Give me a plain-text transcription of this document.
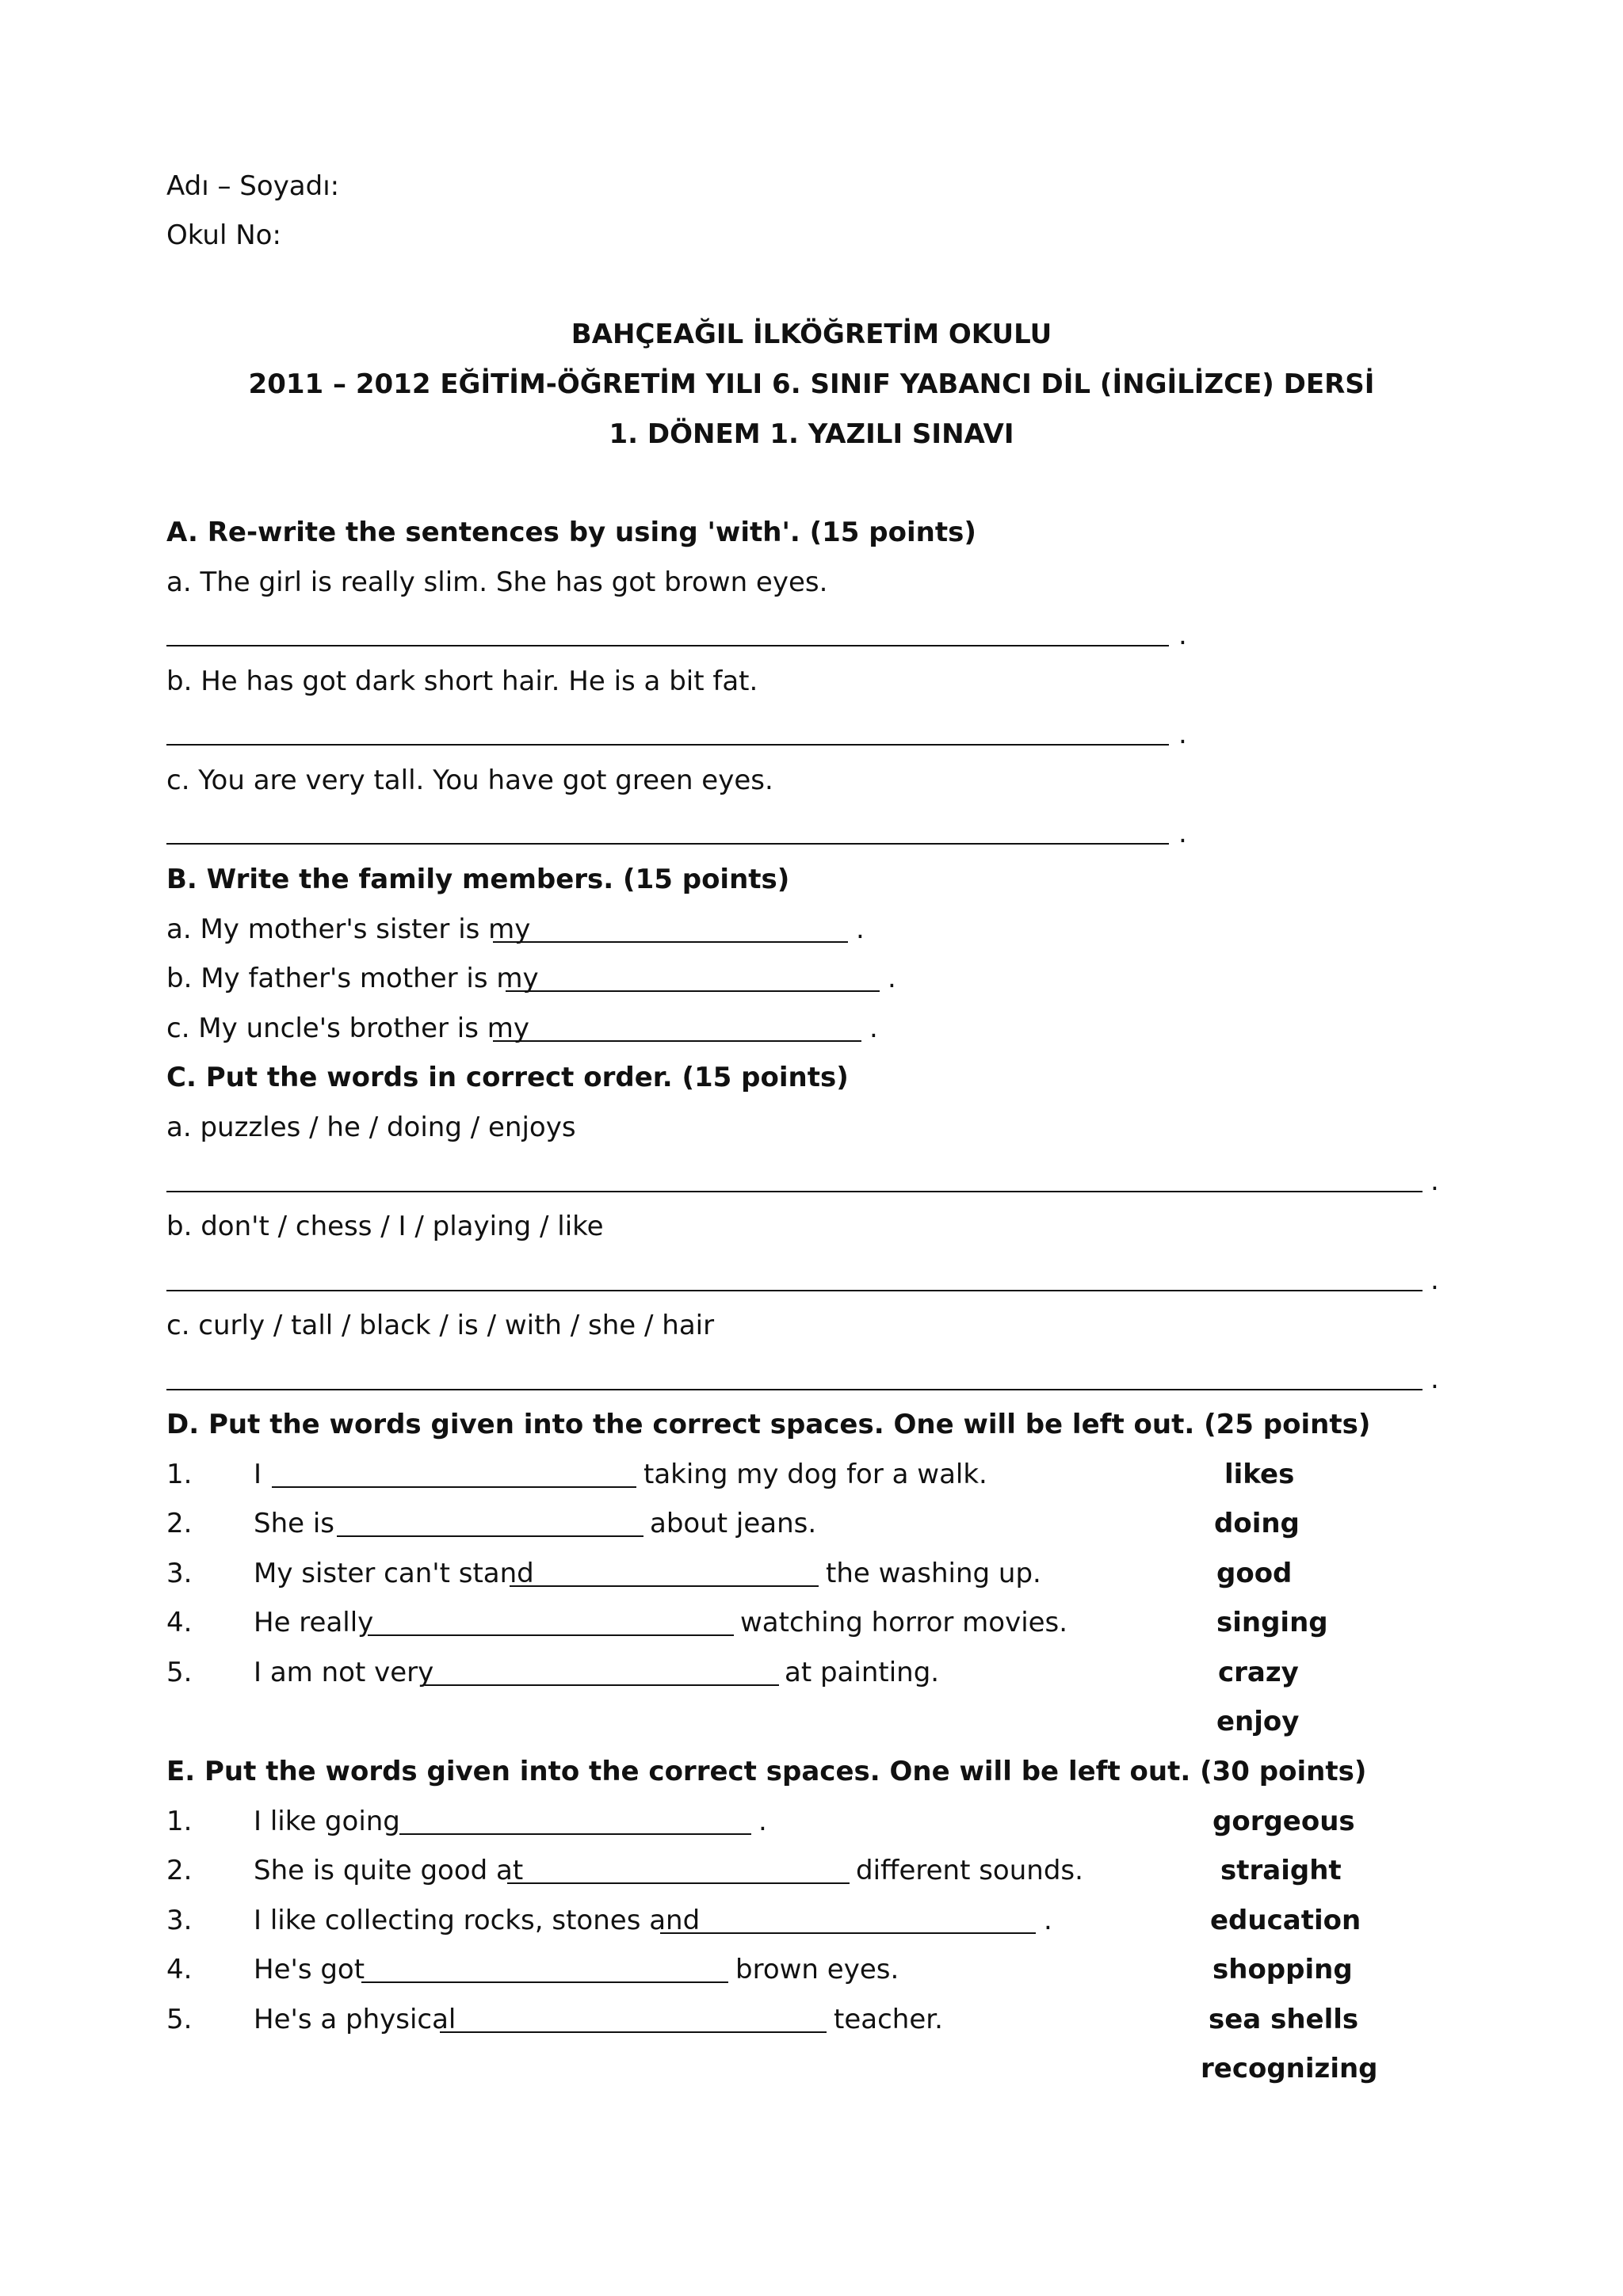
Adı – Soyadı:
Okul No:
BAHÇEAĞIL İLKÖĞRETİM OKULU
2011 – 2012 EĞİTİM-ÖĞRETİM YILI 6. SINIF YABANCI DİL (İNGİLİZCE) DERSİ
1. DÖNEM 1. YAZILI SINAVI
A. Re-write the sentences by using 'with'. (15 points)
a. The girl is really slim. She has got brown eyes.
.
b. He has got dark short hair. He is a bit fat.
.
c. You are very tall. You have got green eyes.
.
B. Write the family members. (15 points)
a. My mother's sister is my	.
b. My father's mother is my	.
c. My uncle's brother is my	.
C. Put the words in correct order. (15 points)
a. puzzles / he / doing / enjoys
.
b. don't / chess / I / playing / like
.
c. curly / tall / black / is / with / she / hair
.
D. Put the words given into the correct spaces. One will be left out. (25 points)
1. I	taking my dog for a walk.
2. She is	about jeans.
3. My sister can't stand	the washing up.
4. He really	watching horror movies.
5. I am not very	at painting.
likes
doing
good
singing
crazy
enjoy
E. Put the words given into the correct spaces. One will be left out. (30 points)
1. I like going	.
2. She is quite good at	different sounds.
3. I like collecting rocks, stones and	.
4. He's got	brown eyes.
5. He's a physical	teacher.
gorgeous
straight
education
shopping
sea shells
recognizing
